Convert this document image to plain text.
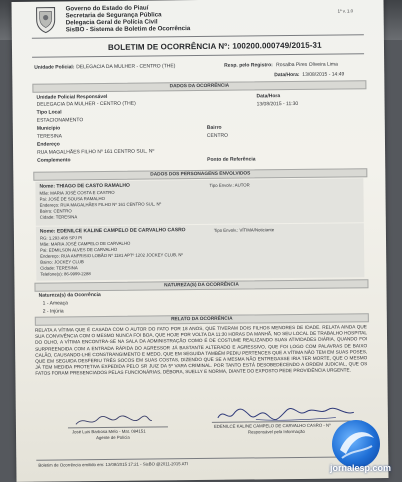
Governo do Estado do Piauí
Secretaria de Segurança Pública
Delegacia Geral de Polícia Civil
SisBO - Sistema de Boletim de Ocorrência
1º v. 1.0
BOLETIM DE OCORRÊNCIA Nº: 100200.000749/2015-31
Unidade Policial: DELEGACIA DA MULHER - CENTRO (THE)	Resp. pelo Registro: Rosalba Pires Oliveira Lima
Data/Hora: 13/08/2015 - 14:49
DADOS DA OCORRÊNCIA
Unidade Policial Responsável
DELEGACIA DA MULHER - CENTRO (THE)
Data/Hora
13/08/2015 - 11:30
Tipo Local
ESTACIONAMENTO
Município
TERESINA
Bairro
CENTRO
Endereço
RUA MAGALHÃES FILHO Nº 161 CENTRO SUL, Nº
Complemento	Ponto de Referência
DADOS DOS PERSONAGENS ENVOLVIDOS
Nome: THIAGO DE CASTO RAMALHO	Tipo Envolv.: AUTOR
Mãe: MARIA JOSÉ COSTA E CASTRO
Pai: JOSÉ DE SOUSA RAMALHO
Endereço: RUA MAGALHÃES FILHO Nº 161 CENTRO SUL, Nº
Bairro: CENTRO
Cidade: TERESINA
Nome: EDENILCE KALINE CAMPELO DE CARVALHO CASRO	Tipo Envolv.: VÍTIMA/Noticiante
RG: 1.293.408 SPJ PI
Mãe: MARIA JOSÉ CAMPELO DE CARVALHO
Pai: EDMILSON ALVES DE CARVALHO
Endereço: RUA ANFRISIO LOBÃO Nº 1181 APTº 1202 JOCKEY CLUB, Nº
Bairro: JOCKEY CLUB
Cidade: TERESINA
Telefone(s): 86-9999-2288
NATUREZA(S) DA OCORRÊNCIA
Natureza(s) da Ocorrência
1 - Ameaça
2 - Injúria
RELATO DA OCORRÊNCIA
RELATA A VÍTIMA QUE É CASADA COM O AUTOR DO FATO POR 18 ANOS, QUE TIVERAM DOIS FILHOS MENORES DE IDADE. RELATA AINDA QUE SUA CONVIVÊNCIA COM O MESMO NUNCA FOI BOA, QUE HOJE POR VOLTA DA 11:30 HORAS DA MANHÃ, NO SEU LOCAL DE TRABALHO HOSPITAL DO OLHO, A VÍTIMA ENCONTRA-SE NA SALA DA ADMINISTRAÇÃO COMO É DE COSTUME REALIZANDO SUAS ATIVIDADES DIÁRIA, QUANDO FOI SURPREENDIDA COM A ENTRADA RÁPIDA DO AGRESSOR JÁ BASTANTE ALTERADO E AGRESSIVO, QUE FOI LOGO COM PALAVRAS DE BAIXO CALÃO, CAUSANDO-LHE CONSTRANGIMENTO E MEDO, QUE EM SEGUIDA TAMBÉM PEDIU PERTENCES QUE A VÍTIMA NÃO TEM EM SUAS POSES, QUE EM SEGUIDA DESFERIU TRÊS SOCOS EM SUAS COSTAS, DIZENDO QUE SE A MESMA NÃO ENTREGASSE IRIA TER MORTE, QUE O MESMO JÁ TEM MEDIDA PROTETIVA EXPEDIDA PELO SR JUIZ DA 5ª VARA CRIMINAL. POR TANTO ESTÁ DESOBEDECENDO A ORDEM JUDICIAL, QUE OS FATOS FORAM PRESENCIADOS PELAS FUNCIONÁRIAS, DÉBORA, SUELLY E NORMA, DIANTE DO EXPOSTO PEDE PROVIDÊNCIA URGENTE.
José Luis Barbosa Melo - Mat. 084151
Agente de Polícia
EDENILCE KALINE CAMPELO DE CARVALHO CASRO - Nº
Responsável pela Informação
Boletim de Ocorrência emitido em: 13/08/2015 17:21 - SisBO @2011-2015 ATI	jornalesp.com
